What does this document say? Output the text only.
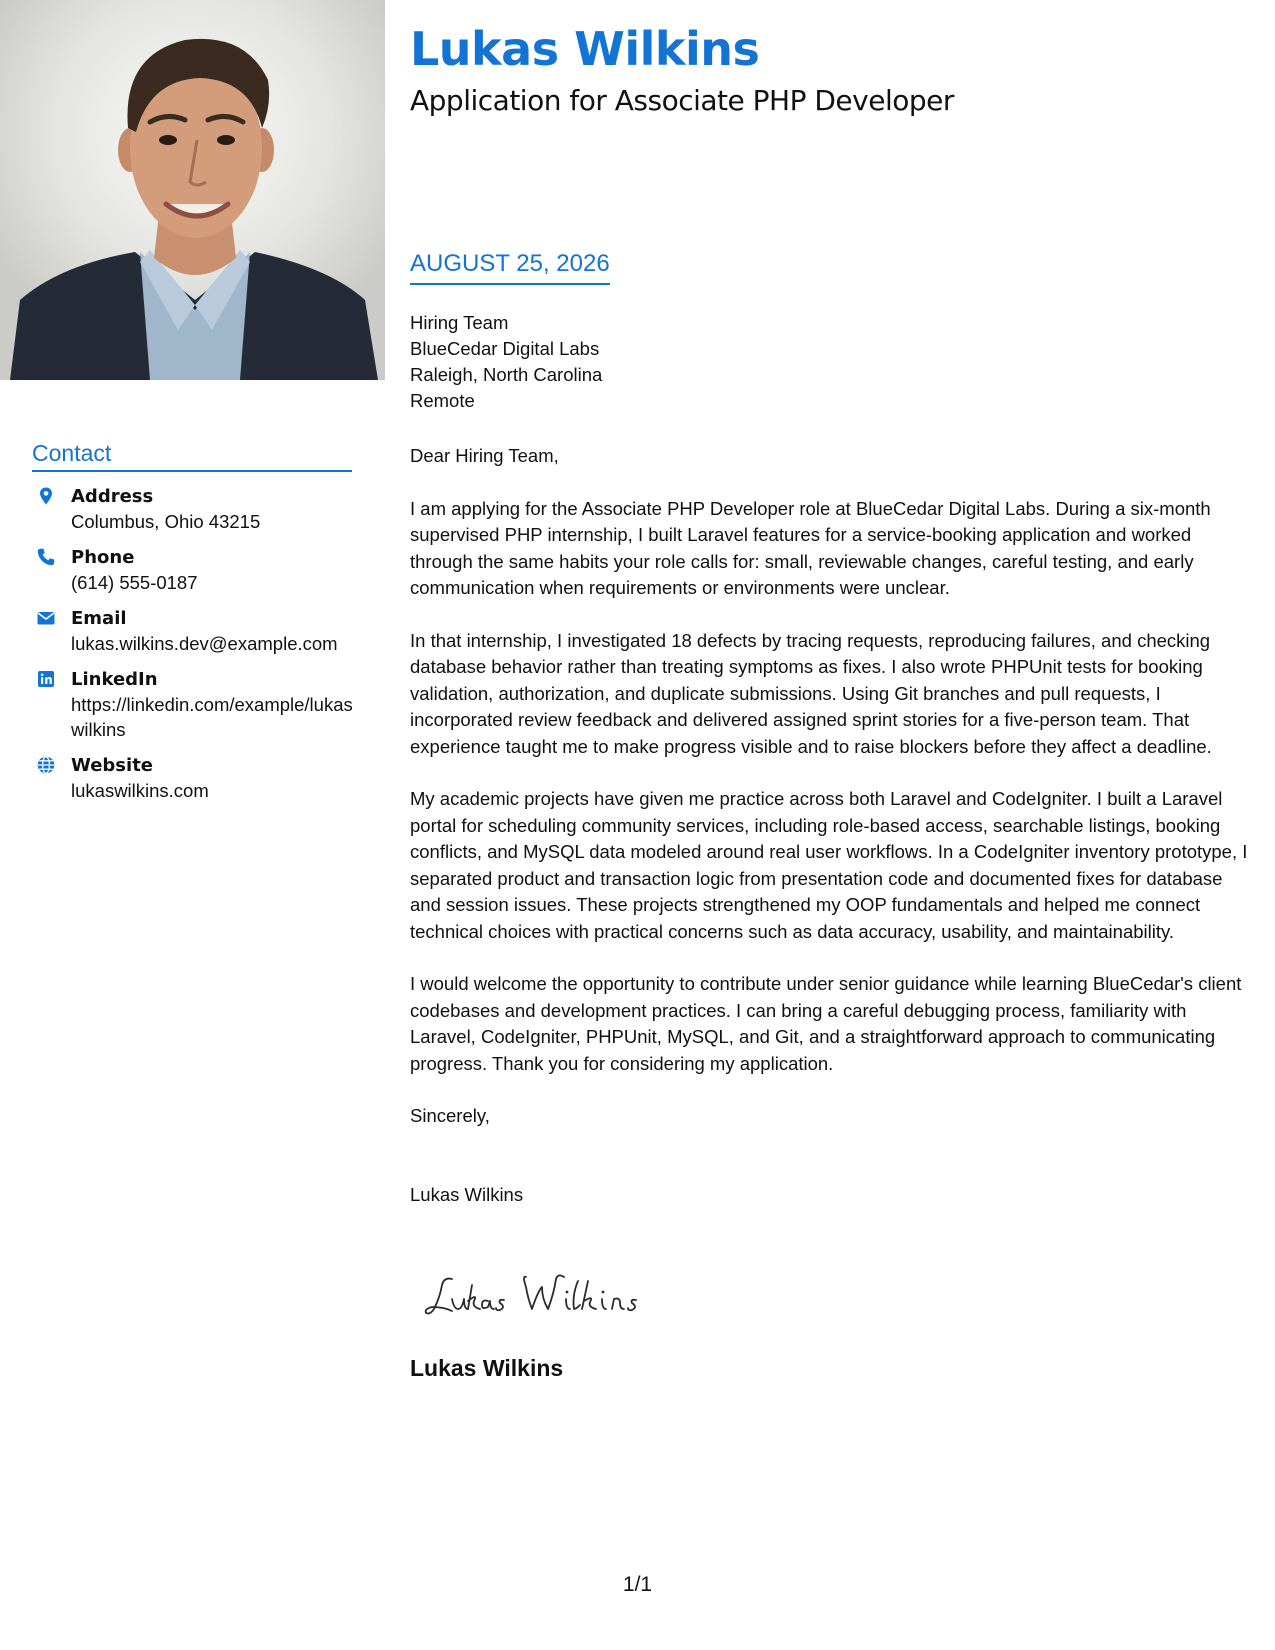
Lukas Wilkins
Application for Associate PHP Developer
AUGUST 25, 2026
Hiring Team
BlueCedar Digital Labs
Raleigh, North Carolina
Remote

Dear Hiring Team,

I am applying for the Associate PHP Developer role at BlueCedar Digital Labs. During a six-month supervised PHP internship, I built Laravel features for a service-booking application and worked through the same habits your role calls for: small, reviewable changes, careful testing, and early communication when requirements or environments were unclear.

In that internship, I investigated 18 defects by tracing requests, reproducing failures, and checking database behavior rather than treating symptoms as fixes. I also wrote PHPUnit tests for booking validation, authorization, and duplicate submissions. Using Git branches and pull requests, I incorporated review feedback and delivered assigned sprint stories for a five-person team. That experience taught me to make progress visible and to raise blockers before they affect a deadline.

My academic projects have given me practice across both Laravel and CodeIgniter. I built a Laravel portal for scheduling community services, including role-based access, searchable listings, booking conflicts, and MySQL data modeled around real user workflows. In a CodeIgniter inventory prototype, I separated product and transaction logic from presentation code and documented fixes for database and session issues. These projects strengthened my OOP fundamentals and helped me connect technical choices with practical concerns such as data accuracy, usability, and maintainability.

I would welcome the opportunity to contribute under senior guidance while learning BlueCedar's client codebases and development practices. I can bring a careful debugging process, familiarity with Laravel, CodeIgniter, PHPUnit, MySQL, and Git, and a straightforward approach to communicating progress. Thank you for considering my application.

Sincerely,

Lukas Wilkins

Lukas Wilkins
Contact
Address
Columbus, Ohio 43215
Phone
(614) 555-0187
Email
lukas.wilkins.dev@example.com
LinkedIn
https://linkedin.com/example/lukaswilkins
Website
lukaswilkins.com
1/1
